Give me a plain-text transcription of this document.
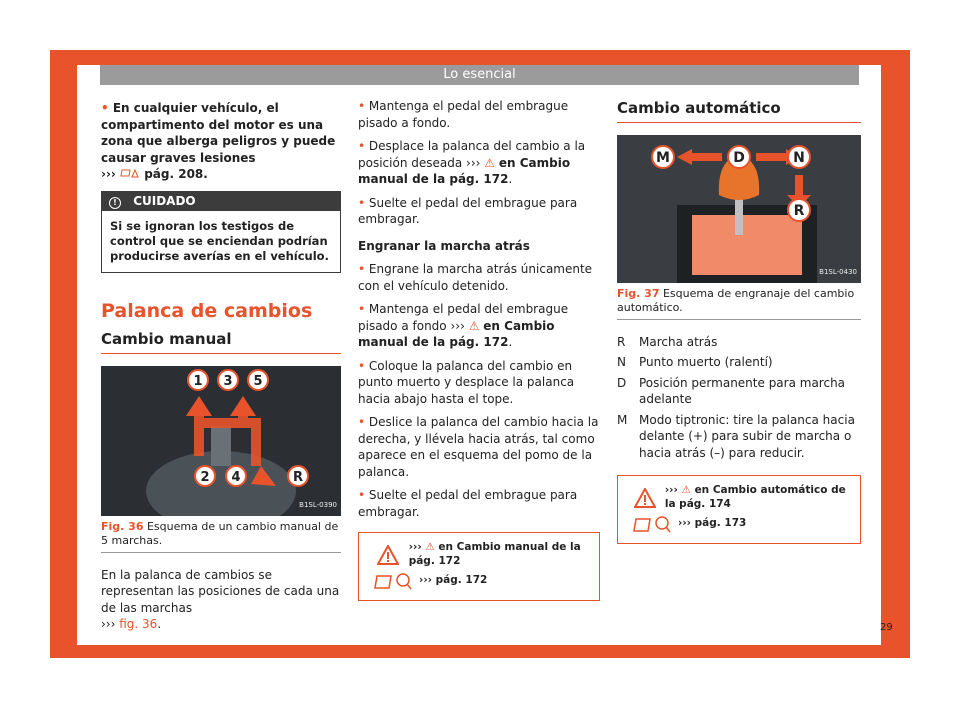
Lo esencial

• En cualquier vehículo, el compartimento del motor es una zona que alberga peligros y puede causar graves lesiones
››› pág. 208.

! CUIDADO
Si se ignoran los testigos de control que se enciendan podrían producirse averías en el vehículo.
Palanca de cambios
Cambio manual
1 3 5
2 4	R
B1SL-0390
Fig. 36 Esquema de un cambio manual de 5 marchas.

En la palanca de cambios se representan las posiciones de cada una de las marchas
››› fig. 36.

• Mantenga el pedal del embrague pisado a fondo.

• Desplace la palanca del cambio a la posición deseada ››› ⚠ en Cambio manual de la pág. 172.

• Suelte el pedal del embrague para embragar.

Engranar la marcha atrás

• Engrane la marcha atrás únicamente con el vehículo detenido.

• Mantenga el pedal del embrague pisado a fondo ››› ⚠ en Cambio manual de la pág. 172.

• Coloque la palanca del cambio en punto muerto y desplace la palanca hacia abajo hasta el tope.

• Deslice la palanca del cambio hacia la derecha, y llévela hacia atrás, tal como aparece en el esquema del pomo de la palanca.

• Suelte el pedal del embrague para embragar.

››› ⚠ en Cambio manual de la pág. 172
››› pág. 172
Cambio automático
M	D	N
R
B1SL-0430
Fig. 37 Esquema de engranaje del cambio automático.
R	Marcha atrás
N	Punto muerto (ralentí)
D	Posición permanente para marcha adelante
M Modo tiptronic: tire la palanca hacia delante (+) para subir de marcha o hacia atrás (–) para reducir.
››› ⚠ en Cambio automático de la pág. 174
››› pág. 173
29
